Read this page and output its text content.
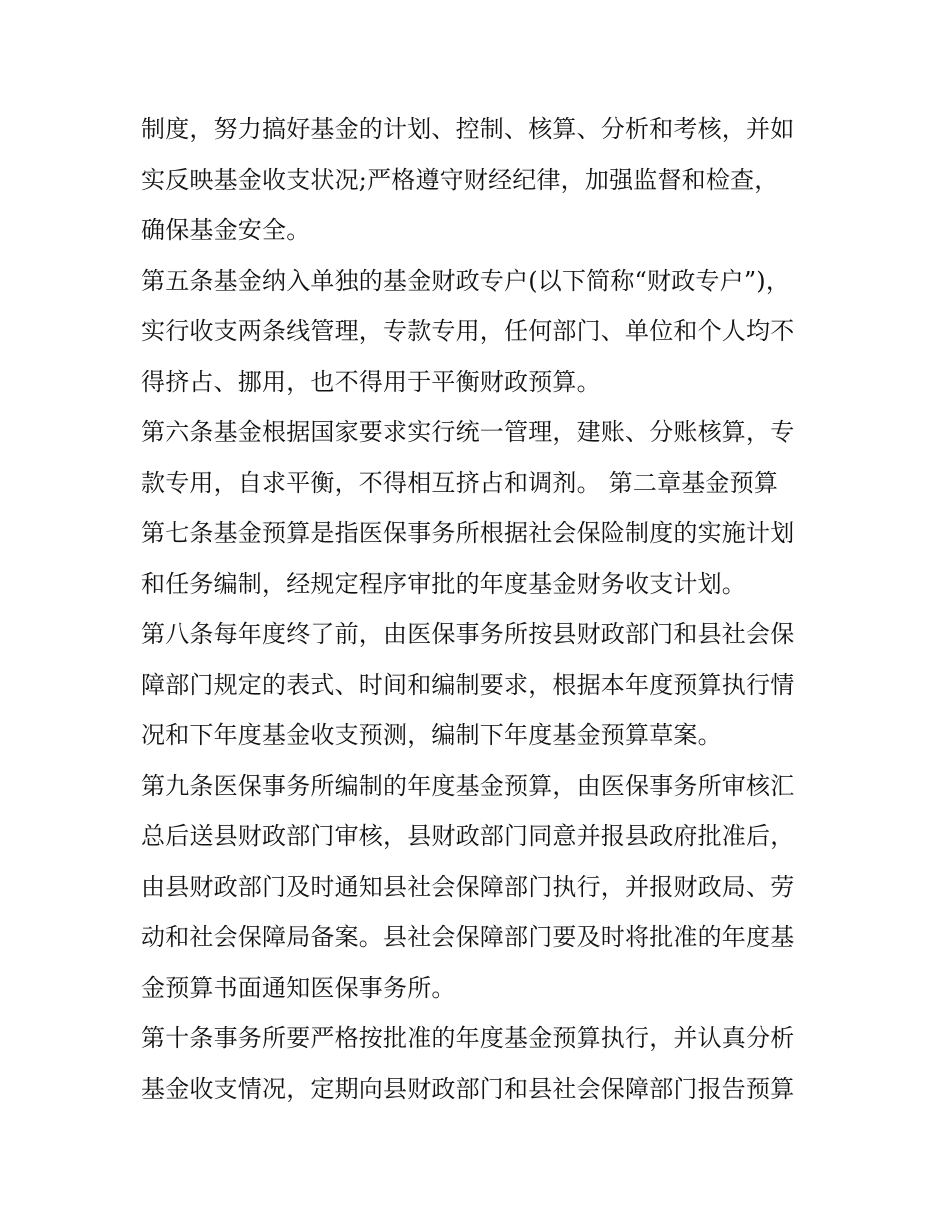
制度，努力搞好基金的计划、控制、核算、分析和考核，并如
实反映基金收支状况;严格遵守财经纪律，加强监督和检查，
确保基金安全。
第五条基金纳入单独的基金财政专户(以下简称“财政专户”)，
实行收支两条线管理，专款专用，任何部门、单位和个人均不
得挤占、挪用，也不得用于平衡财政预算。
第六条基金根据国家要求实行统一管理，建账、分账核算，专
款专用，自求平衡，不得相互挤占和调剂。 第二章基金预算
第七条基金预算是指医保事务所根据社会保险制度的实施计划
和任务编制，经规定程序审批的年度基金财务收支计划。
第八条每年度终了前，由医保事务所按县财政部门和县社会保
障部门规定的表式、时间和编制要求，根据本年度预算执行情
况和下年度基金收支预测，编制下年度基金预算草案。
第九条医保事务所编制的年度基金预算，由医保事务所审核汇
总后送县财政部门审核，县财政部门同意并报县政府批准后，
由县财政部门及时通知县社会保障部门执行，并报财政局、劳
动和社会保障局备案。县社会保障部门要及时将批准的年度基
金预算书面通知医保事务所。
第十条事务所要严格按批准的年度基金预算执行，并认真分析
基金收支情况，定期向县财政部门和县社会保障部门报告预算
